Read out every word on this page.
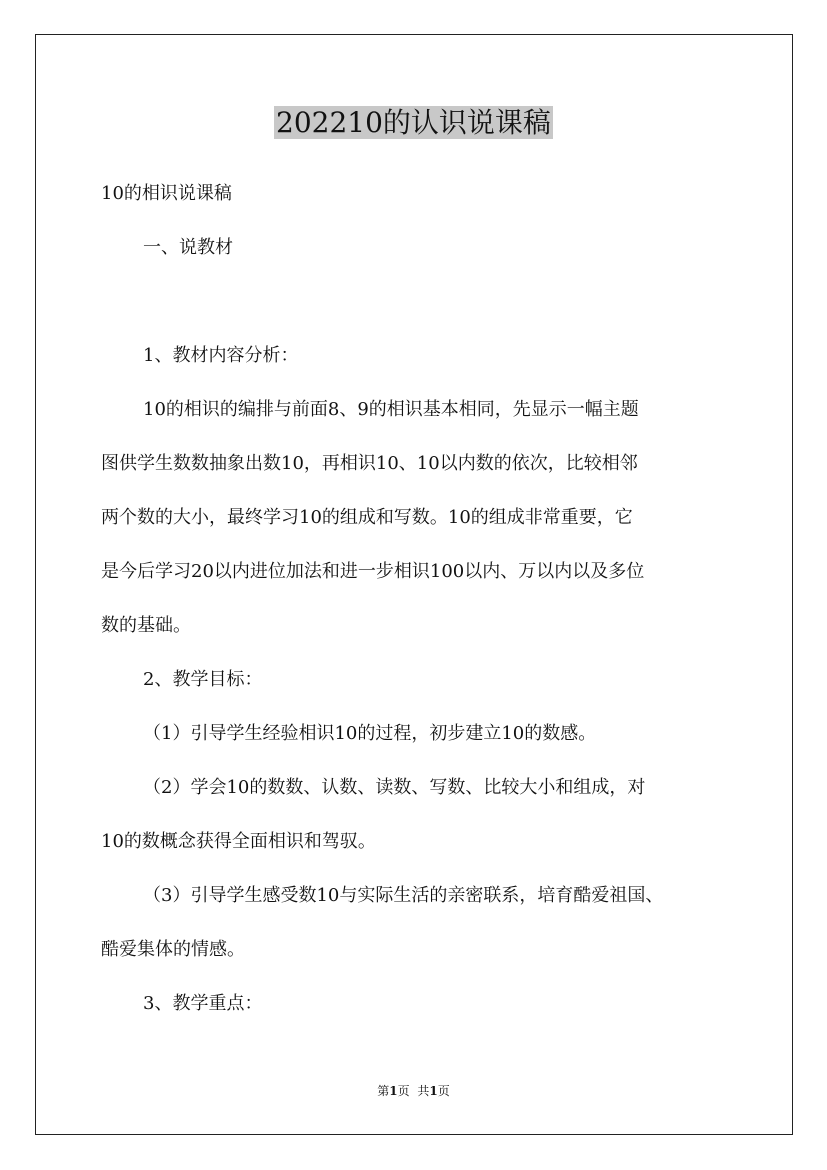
202210的认识说课稿
10的相识说课稿
一、说教材
1、教材内容分析：
10的相识的编排与前面8、9的相识基本相同，先显示一幅主题
图供学生数数抽象出数10，再相识10、10以内数的依次，比较相邻
两个数的大小，最终学习10的组成和写数。10的组成非常重要，它
是今后学习20以内进位加法和进一步相识100以内、万以内以及多位
数的基础。
2、教学目标：
（1）引导学生经验相识10的过程，初步建立10的数感。
（2）学会10的数数、认数、读数、写数、比较大小和组成，对
10的数概念获得全面相识和驾驭。
（3）引导学生感受数10与实际生活的亲密联系，培育酷爱祖国、
酷爱集体的情感。
3、教学重点：
第1页 共1页
